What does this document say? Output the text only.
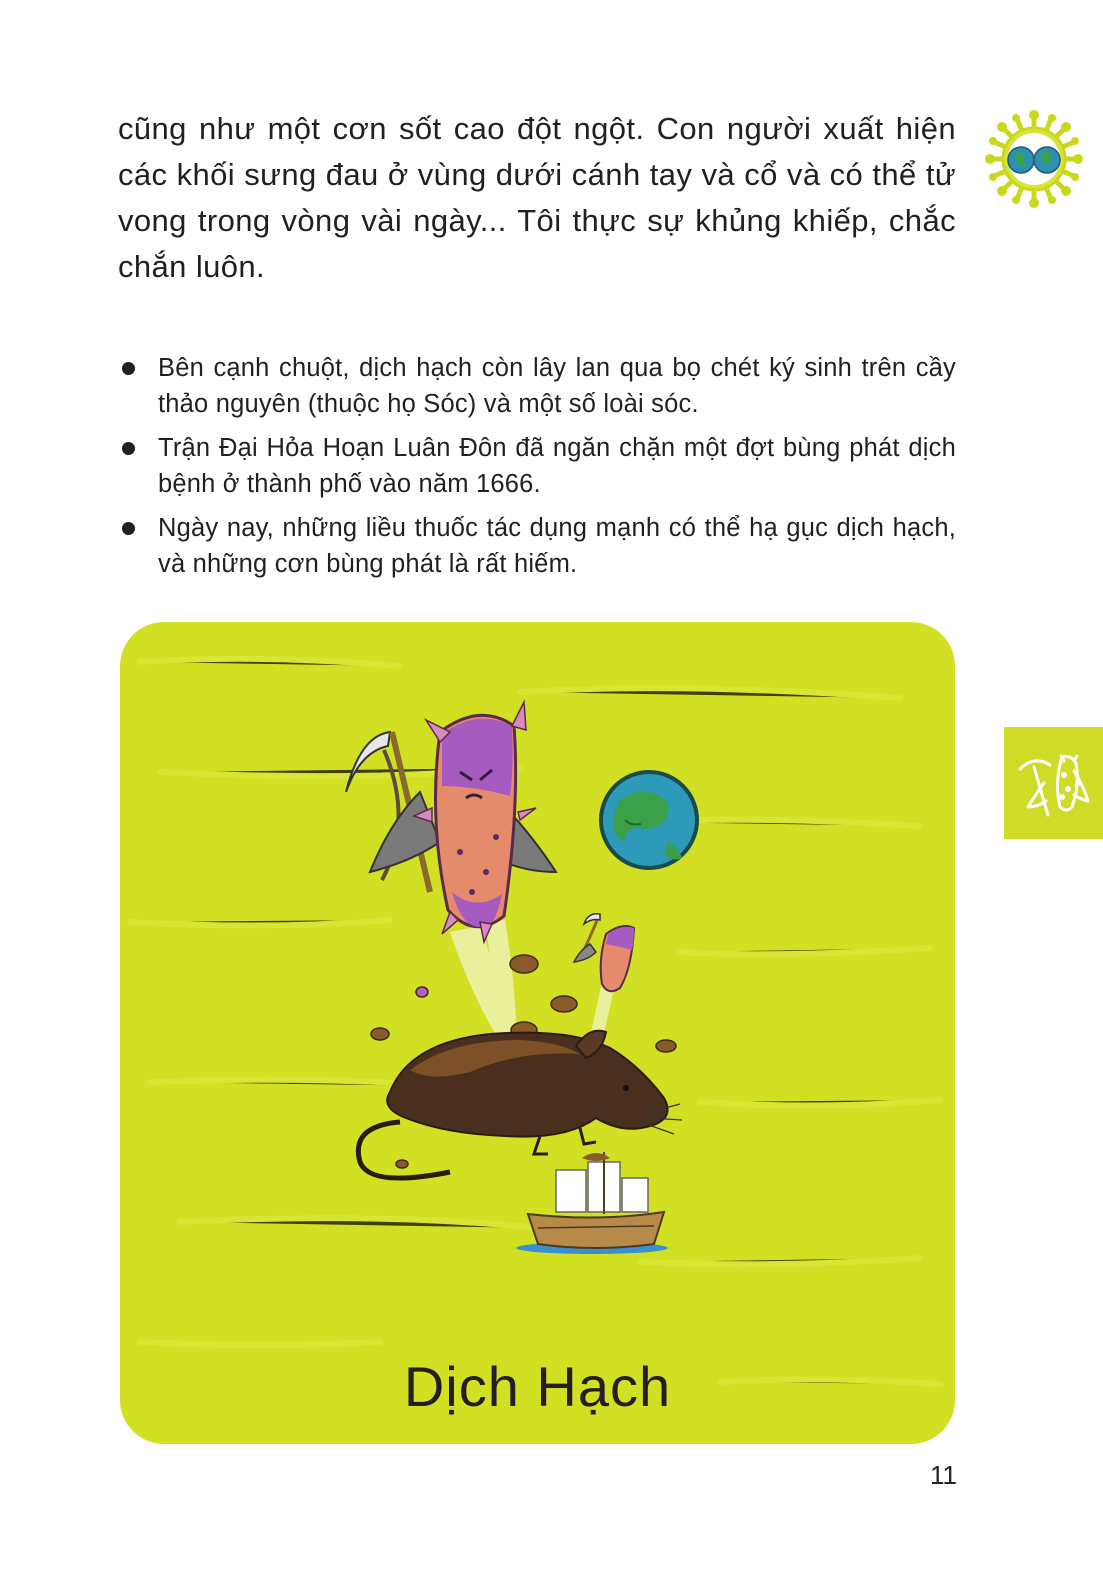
cũng như một cơn sốt cao đột ngột. Con người xuất hiện các khối sưng đau ở vùng dưới cánh tay và cổ và có thể tử vong trong vòng vài ngày... Tôi thực sự khủng khiếp, chắc chắn luôn.

Bên cạnh chuột, dịch hạch còn lây lan qua bọ chét ký sinh trên cầy thảo nguyên (thuộc họ Sóc) và một số loài sóc.
Trận Đại Hỏa Hoạn Luân Đôn đã ngăn chặn một đợt bùng phát dịch bệnh ở thành phố vào năm 1666.
Ngày nay, những liều thuốc tác dụng mạnh có thể hạ gục dịch hạch, và những cơn bùng phát là rất hiếm.
Dịch Hạch
11
